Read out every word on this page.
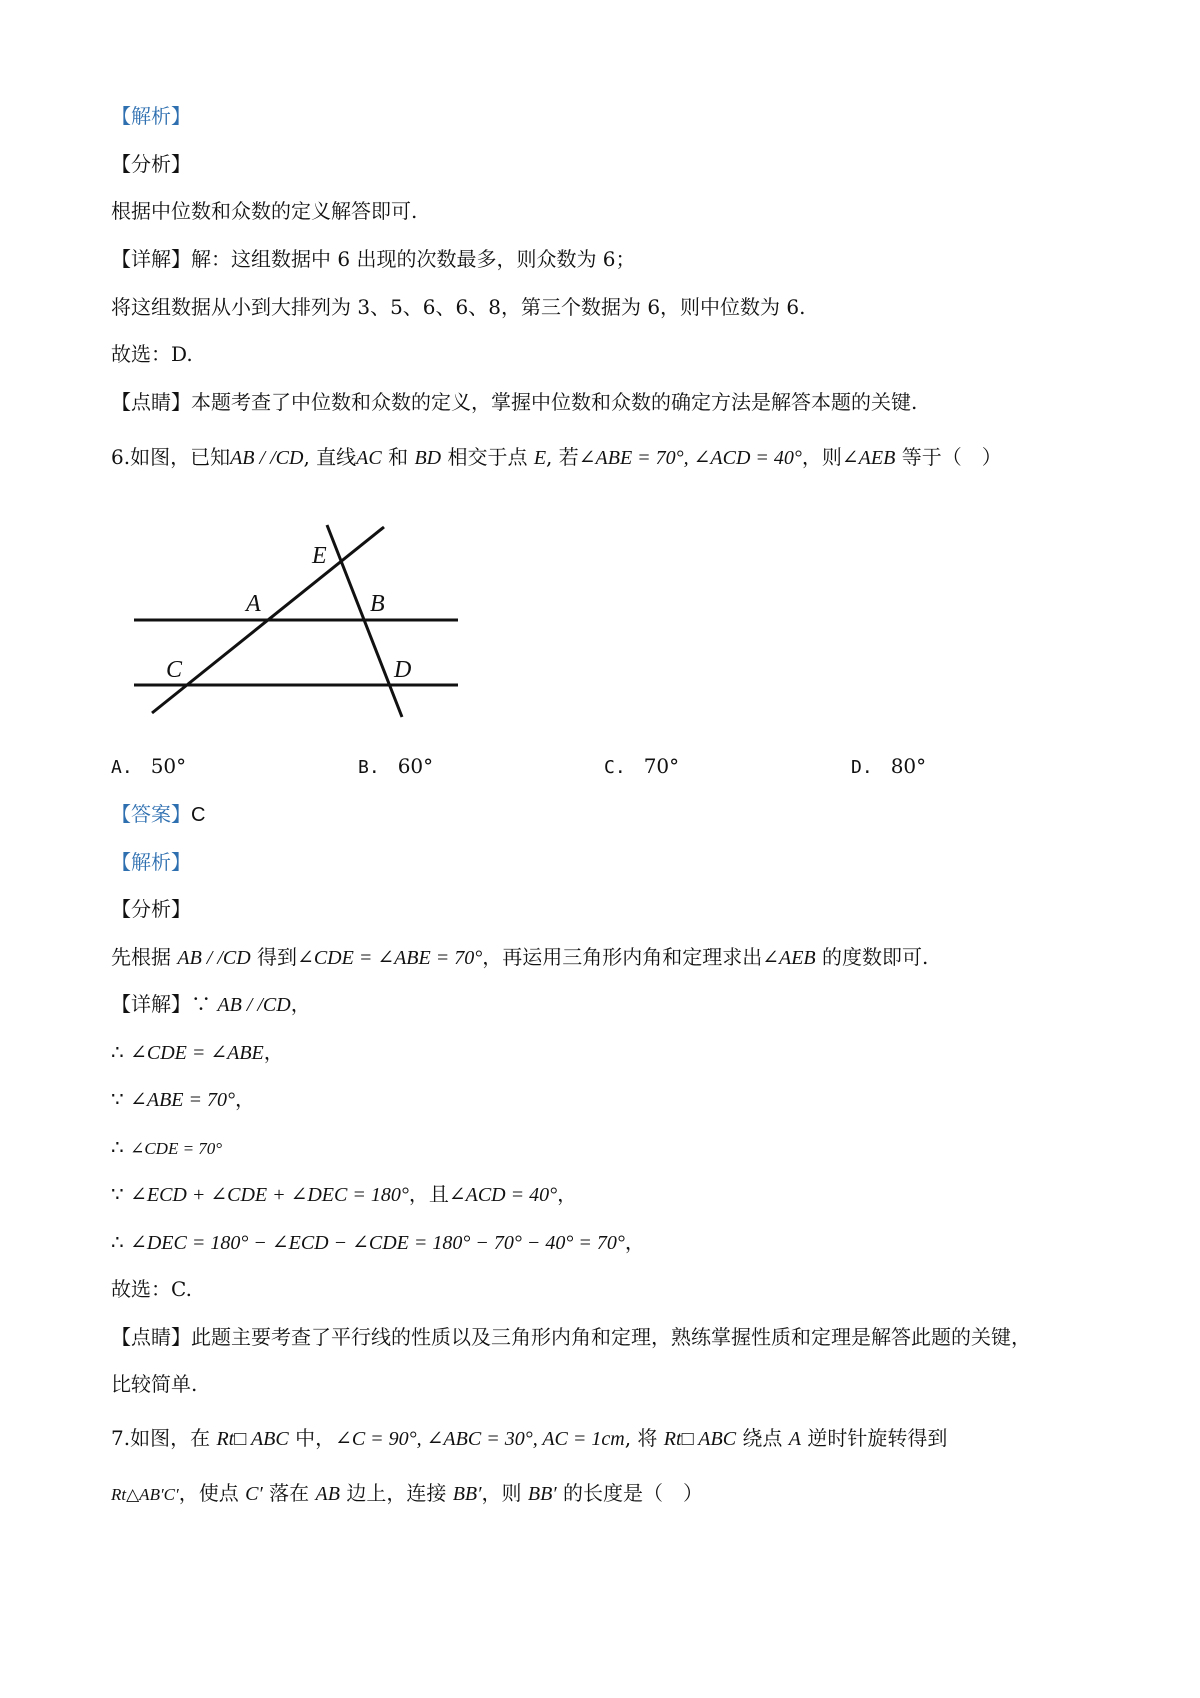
【解析】
【分析】
根据中位数和众数的定义解答即可.
【详解】解：这组数据中 6 出现的次数最多，则众数为 6；
将这组数据从小到大排列为 3、5、6、6、8，第三个数据为 6，则中位数为 6.
故选：D.
【点睛】本题考查了中位数和众数的定义，掌握中位数和众数的确定方法是解答本题的关键.
6.如图，已知AB / /CD, 直线AC 和 BD 相交于点 E, 若∠ABE = 70°, ∠ACD = 40°，则∠AEB 等于（　）
E
A	B
C	D
A. 50°	B. 60°	C. 70°	D. 80°
【答案】C
【解析】
【分析】
先根据 AB / /CD 得到∠CDE = ∠ABE = 70°，再运用三角形内角和定理求出∠AEB 的度数即可.
【详解】∵ AB / /CD，
∴ ∠CDE = ∠ABE，
∵ ∠ABE = 70°，
∴ ∠CDE = 70°
∵ ∠ECD + ∠CDE + ∠DEC = 180°，且∠ACD = 40°，
∴ ∠DEC = 180° − ∠ECD − ∠CDE = 180° − 70° − 40° = 70°，
故选：C.
【点睛】此题主要考查了平行线的性质以及三角形内角和定理，熟练掌握性质和定理是解答此题的关键，
比较简单.
7.如图，在 Rt□ ABC 中，∠C = 90°, ∠ABC = 30°, AC = 1cm, 将 Rt□ ABC 绕点 A 逆时针旋转得到
Rt△AB′C′，使点 C′ 落在 AB 边上，连接 BB′，则 BB′ 的长度是（　）
